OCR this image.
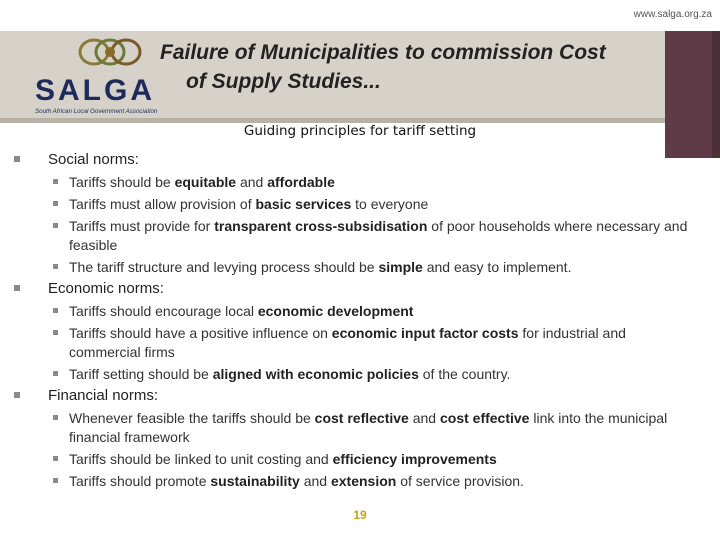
www.salga.org.za
SALGA
South African Local Government Association
Failure of Municipalities to commission Cost
of Supply Studies...
Guiding principles for tariff setting
Social norms:
Tariffs should be equitable and affordable
Tariffs must allow provision of basic services to everyone
Tariffs must provide for transparent cross-subsidisation of poor households where necessary and feasible
The tariff structure and levying process should be simple and easy to implement.
Economic norms:
Tariffs should encourage local economic development
Tariffs should have a positive influence on economic input factor costs for industrial and commercial firms
Tariff setting should be aligned with economic policies of the country.
Financial norms:
Whenever feasible the tariffs should be cost reflective and cost effective link into the municipal financial framework
Tariffs should be linked to unit costing and efficiency improvements
Tariffs should promote sustainability and extension of service provision.
19
